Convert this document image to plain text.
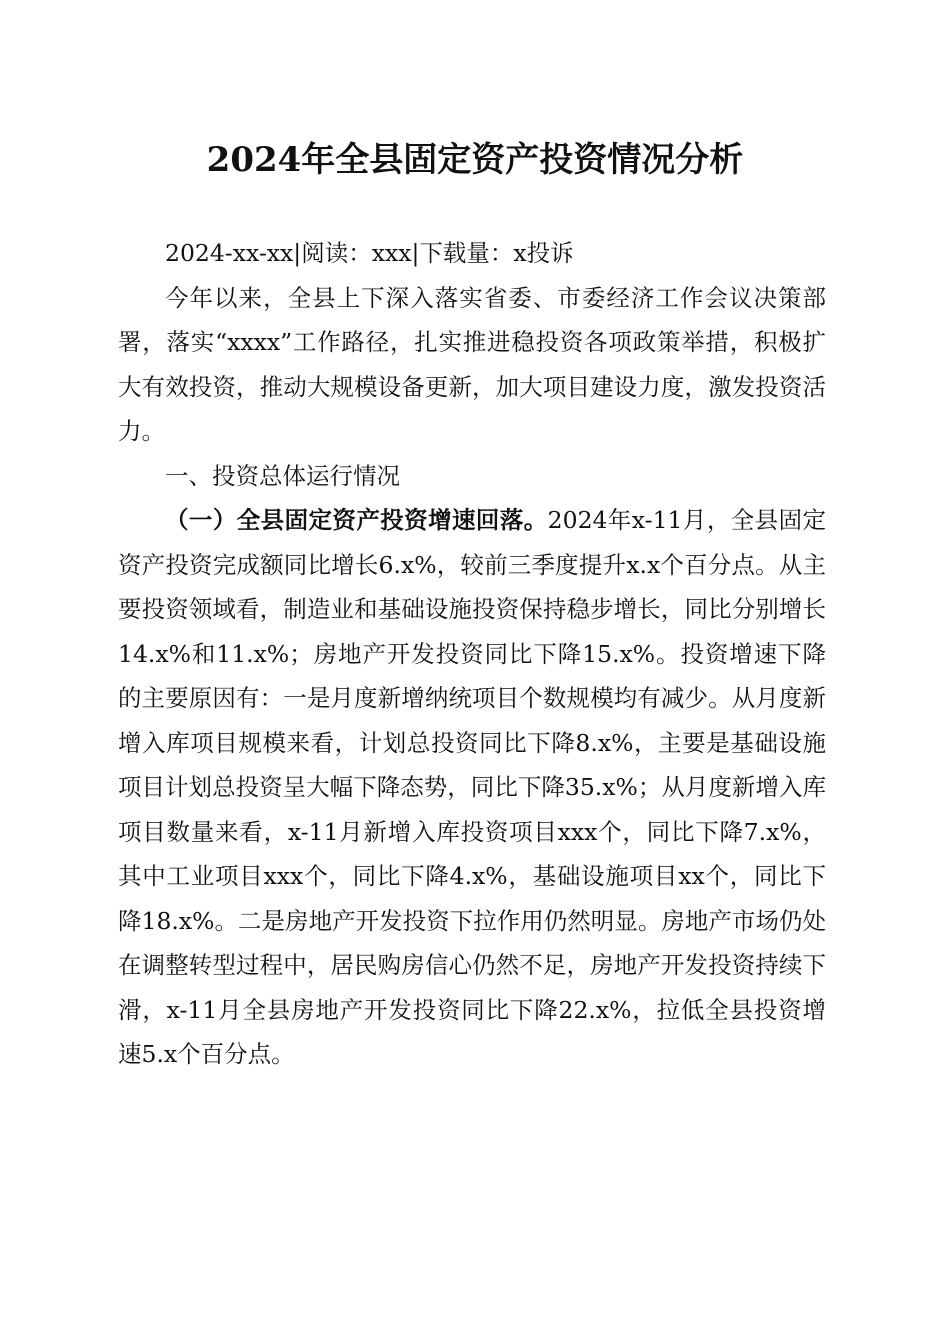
2024年全县固定资产投资情况分析

2024-xx-xx|阅读：xxx|下载量：x投诉

今年以来，全县上下深入落实省委、市委经济工作会议决策部署，落实“xxxx”工作路径，扎实推进稳投资各项政策举措，积极扩大有效投资，推动大规模设备更新，加大项目建设力度，激发投资活力。

一、投资总体运行情况

（一）全县固定资产投资增速回落。2024年x-11月，全县固定资产投资完成额同比增长6.x%，较前三季度提升x.x个百分点。从主要投资领域看，制造业和基础设施投资保持稳步增长，同比分别增长14.x%和11.x%；房地产开发投资同比下降15.x%。投资增速下降的主要原因有：一是月度新增纳统项目个数规模均有减少。从月度新增入库项目规模来看，计划总投资同比下降8.x%，主要是基础设施项目计划总投资呈大幅下降态势，同比下降35.x%；从月度新增入库项目数量来看，x-11月新增入库投资项目xxx个，同比下降7.x%，其中工业项目xxx个，同比下降4.x%，基础设施项目xx个，同比下降18.x%。二是房地产开发投资下拉作用仍然明显。房地产市场仍处在调整转型过程中，居民购房信心仍然不足，房地产开发投资持续下滑，x-11月全县房地产开发投资同比下降22.x%，拉低全县投资增速5.x个百分点。
